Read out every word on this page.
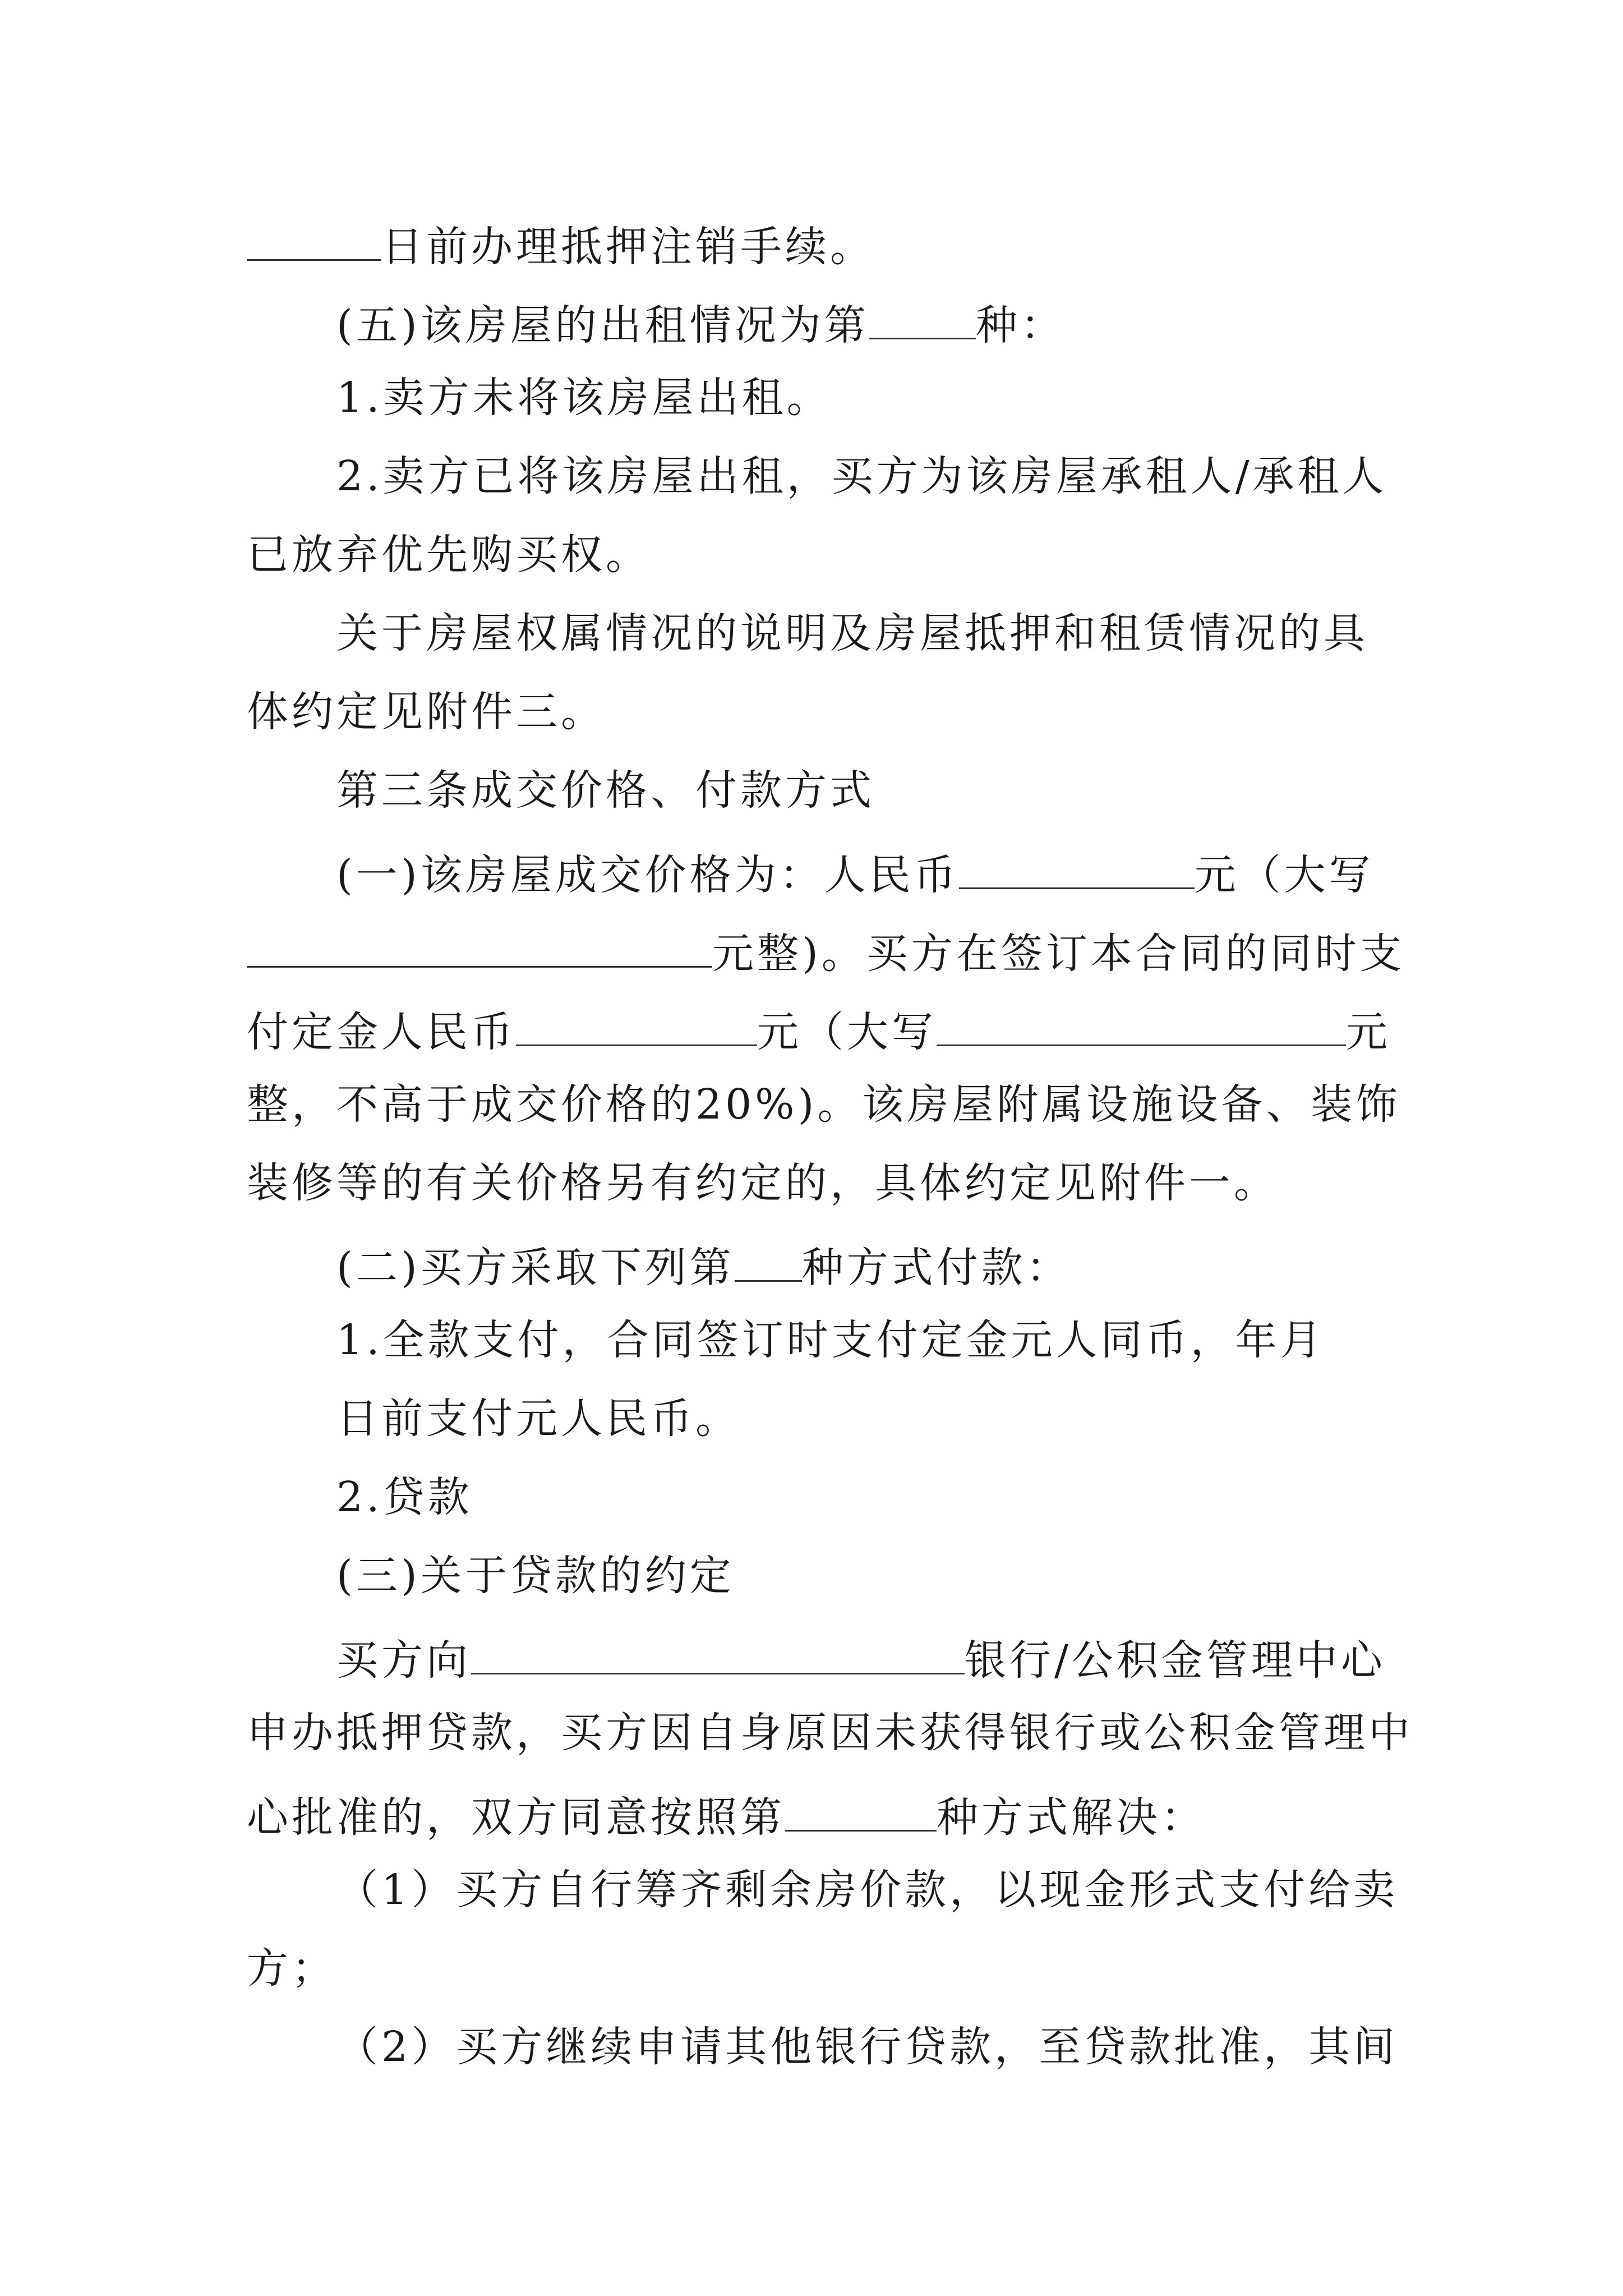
日前办理抵押注销手续。
(五)该房屋的出租情况为第	种：
1.卖方未将该房屋出租。
2.卖方已将该房屋出租，买方为该房屋承租人/承租人
已放弃优先购买权。
关于房屋权属情况的说明及房屋抵押和租赁情况的具
体约定见附件三。
第三条成交价格、付款方式
(一)该房屋成交价格为：人民币	元（大写
元整)。买方在签订本合同的同时支
付定金人民币	元（大写	元
整，不高于成交价格的20%)。该房屋附属设施设备、装饰
装修等的有关价格另有约定的，具体约定见附件一。
(二)买方采取下列第 种方式付款：
1.全款支付，合同签订时支付定金元人同币，年月
日前支付元人民币。
2.贷款
(三)关于贷款的约定
买方向	银行/公积金管理中心
申办抵押贷款，买方因自身原因未获得银行或公积金管理中
心批准的，双方同意按照第	种方式解决：
（1）买方自行筹齐剩余房价款，以现金形式支付给卖
方；
（2）买方继续申请其他银行贷款，至贷款批准，其间
